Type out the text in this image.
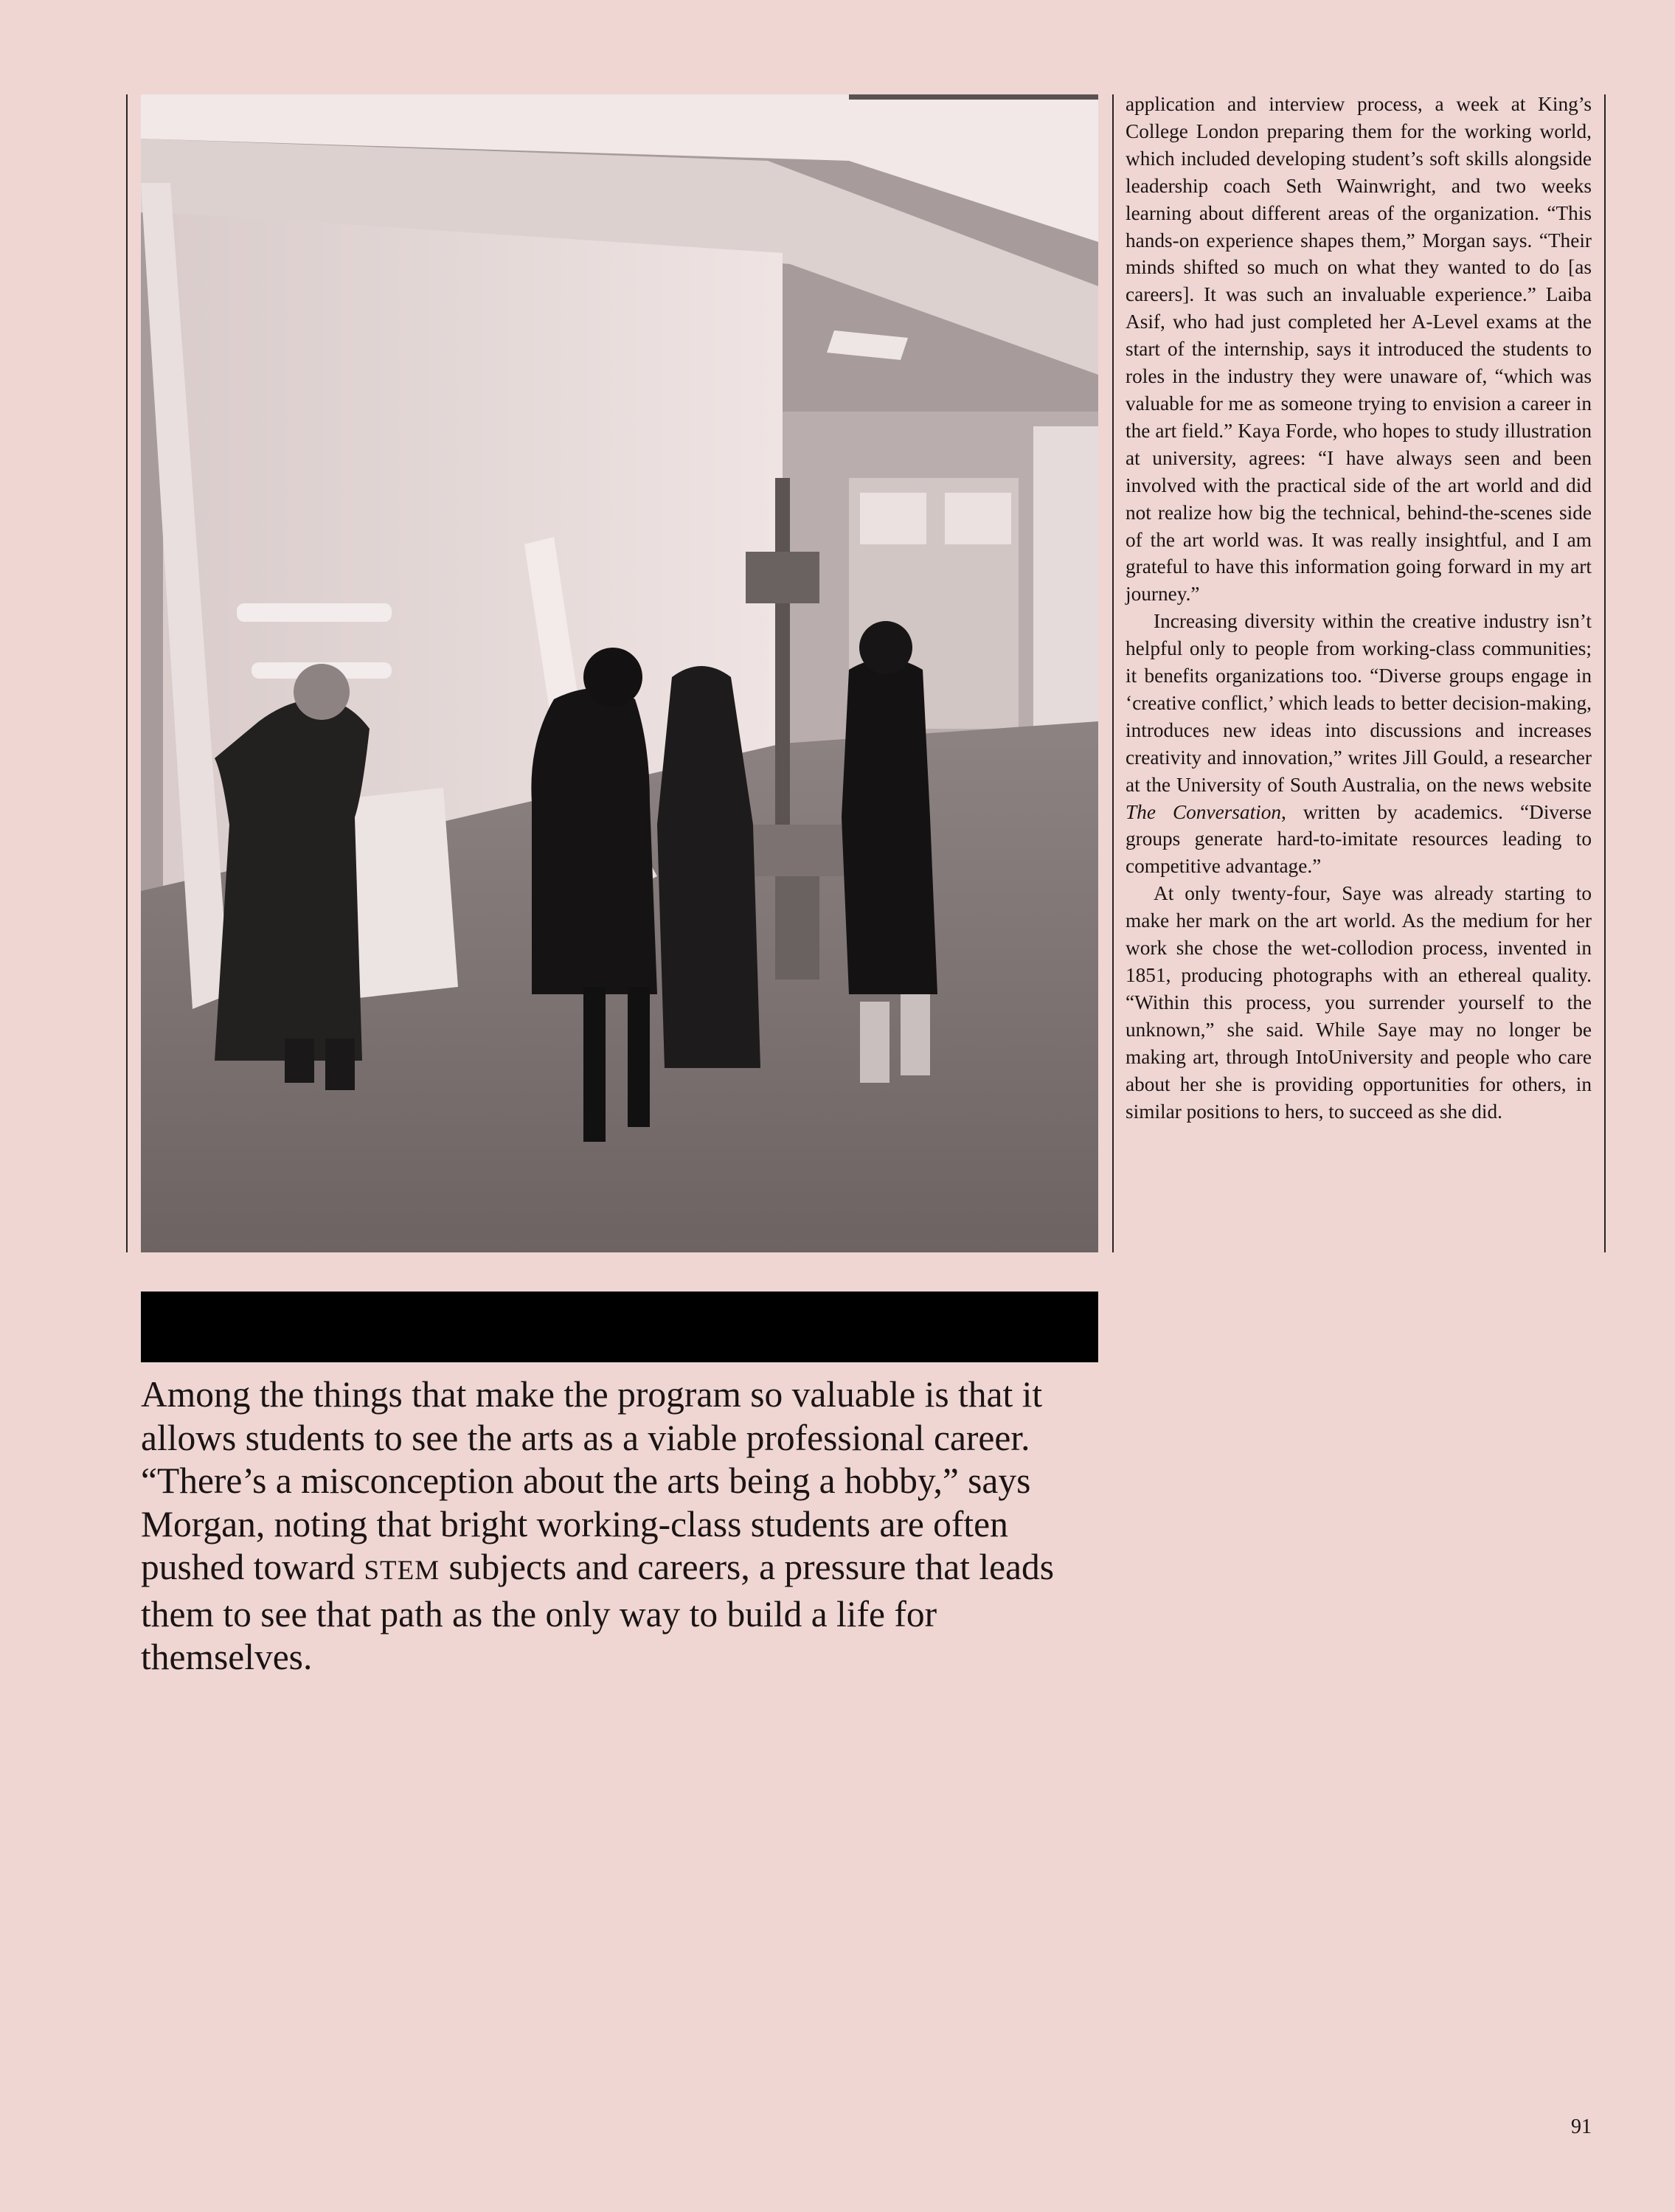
application and interview process, a week at King’s College London preparing them for the working world, which included developing student’s soft skills alongside leadership coach Seth Wainwright, and two weeks learning about different areas of the organization. “This hands-on experience shapes them,” Morgan says. “Their minds shifted so much on what they wanted to do [as careers]. It was such an invaluable experience.” Laiba Asif, who had just completed her A-Level exams at the start of the internship, says it introduced the students to roles in the industry they were unaware of, “which was valuable for me as someone trying to envision a career in the art field.” Kaya Forde, who hopes to study illustration at university, agrees: “I have always seen and been involved with the practical side of the art world and did not realize how big the technical, behind-the-scenes side of the art world was. It was really insightful, and I am grateful to have this information going forward in my art journey.”

Increasing diversity within the creative industry isn’t helpful only to people from working-class communities; it benefits organizations too. “Diverse groups engage in ‘creative conflict,’ which leads to better decision-making, introduces new ideas into discussions and increases creativity and innovation,” writes Jill Gould, a researcher at the University of South Australia, on the news website The Conversation, written by academics. “Diverse groups generate hard-to-imitate resources leading to competitive advantage.”

At only twenty-four, Saye was already starting to make her mark on the art world. As the medium for her work she chose the wet-collodion process, invented in 1851, producing photographs with an ethereal quality. “Within this process, you surrender yourself to the unknown,” she said. While Saye may no longer be making art, through IntoUniversity and people who care about her she is providing opportunities for others, in similar positions to hers, to succeed as she did.

Among the things that make the program so valuable is that it allows students to see the arts as a viable professional career. “There’s a misconception about the arts being a hobby,” says Morgan, noting that bright working-class students are often pushed toward STEM subjects and careers, a pressure that leads them to see that path as the only way to build a life for themselves.

91
